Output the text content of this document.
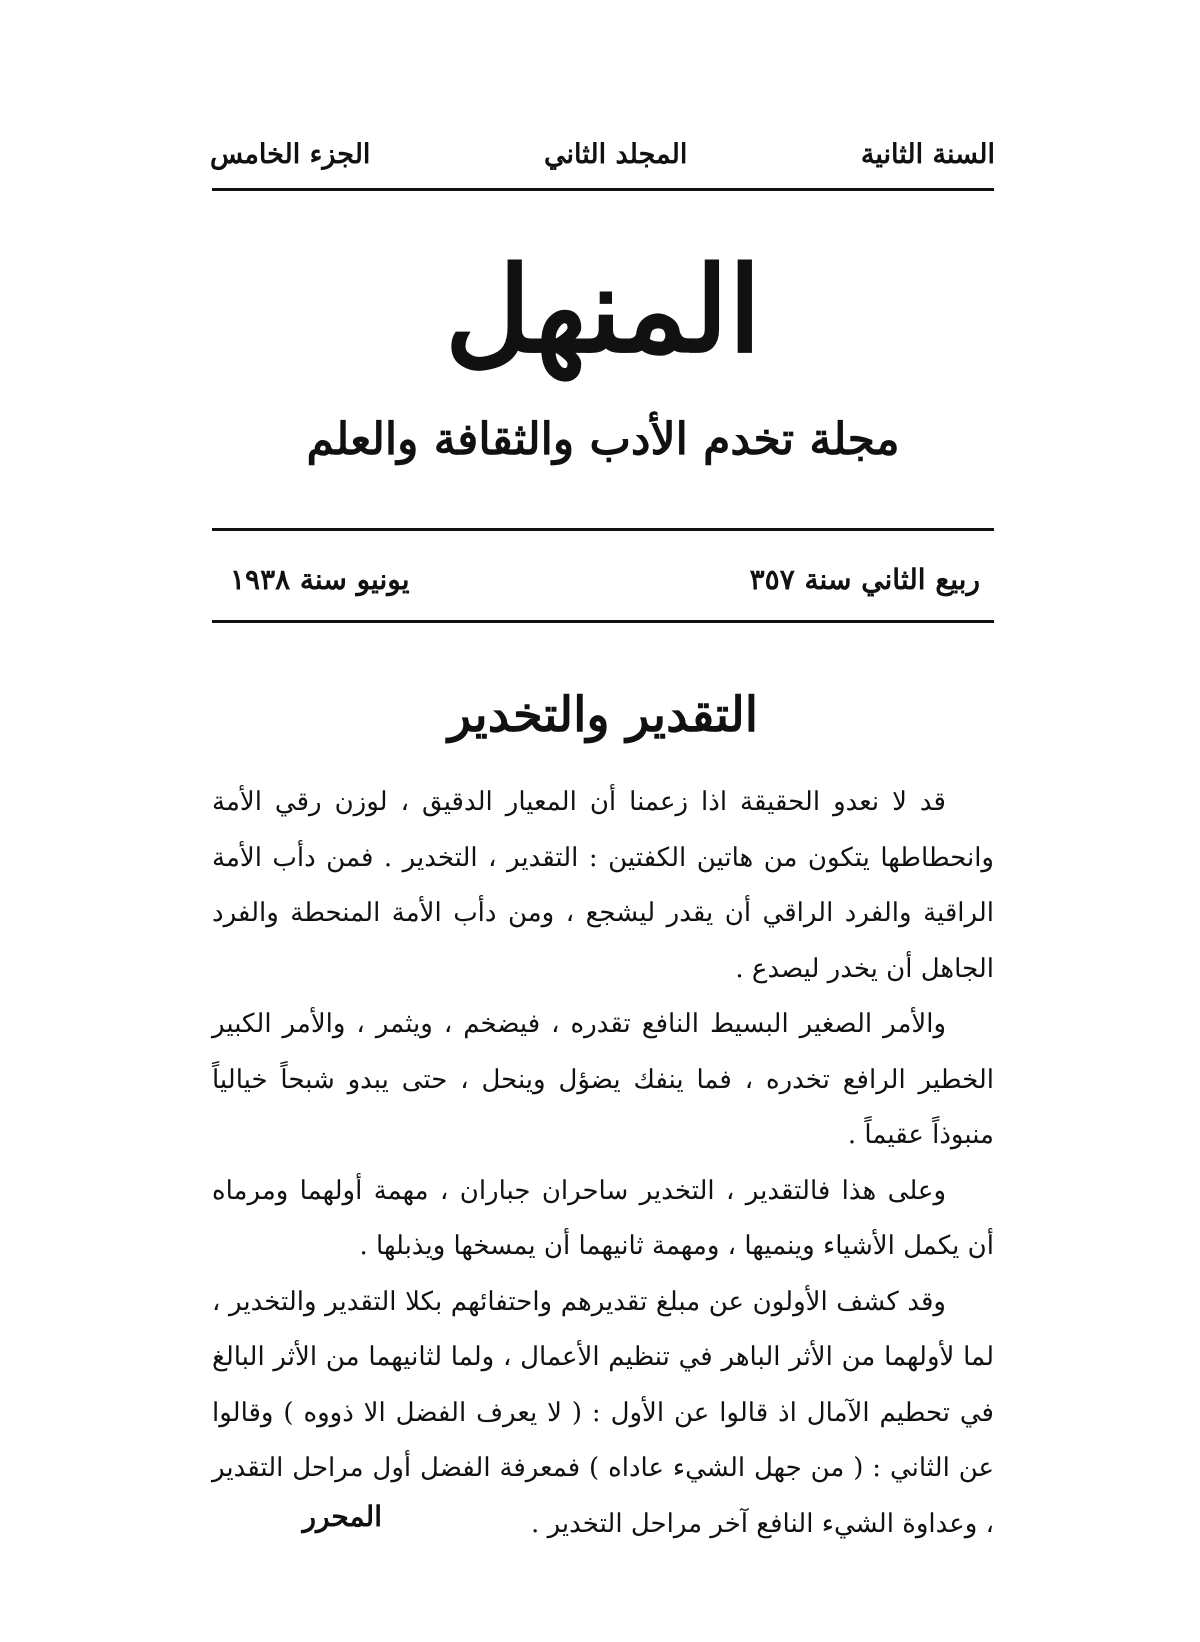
السنة الثانية
المجلد الثاني
الجزء الخامس
المنهل
مجلة تخدم الأدب والثقافة والعلم
ربيع الثاني سنة ٣٥٧
يونيو سنة ١٩٣٨
التقدير والتخدير

قد لا نعدو الحقيقة اذا زعمنا أن المعيار الدقيق ، لوزن رقي الأمة وانحطاطها يتكون من هاتين الكفتين : التقدير ، التخدير . فمن دأب الأمة الراقية والفرد الراقي أن يقدر ليشجع ، ومن دأب الأمة المنحطة والفرد الجاهل أن يخدر ليصدع .

والأمر الصغير البسيط النافع تقدره ، فيضخم ، ويثمر ، والأمر الكبير الخطير الرافع تخدره ، فما ينفك يضؤل وينحل ، حتى يبدو شبحاً خيالياً منبوذاً عقيماً .

وعلى هذا فالتقدير ، التخدير ساحران جباران ، مهمة أولهما ومرماه أن يكمل الأشياء وينميها ، ومهمة ثانيهما أن يمسخها ويذبلها .

وقد كشف الأولون عن مبلغ تقديرهم واحتفائهم بكلا التقدير والتخدير ، لما لأولهما من الأثر الباهر في تنظيم الأعمال ، ولما لثانيهما من الأثر البالغ في تحطيم الآمال اذ قالوا عن الأول : ( لا يعرف الفضل الا ذووه ) وقالوا عن الثاني : ( من جهل الشيء عاداه ) فمعرفة الفضل أول مراحل التقدير ، وعداوة الشيء النافع آخر مراحل التخدير .

المحرر
